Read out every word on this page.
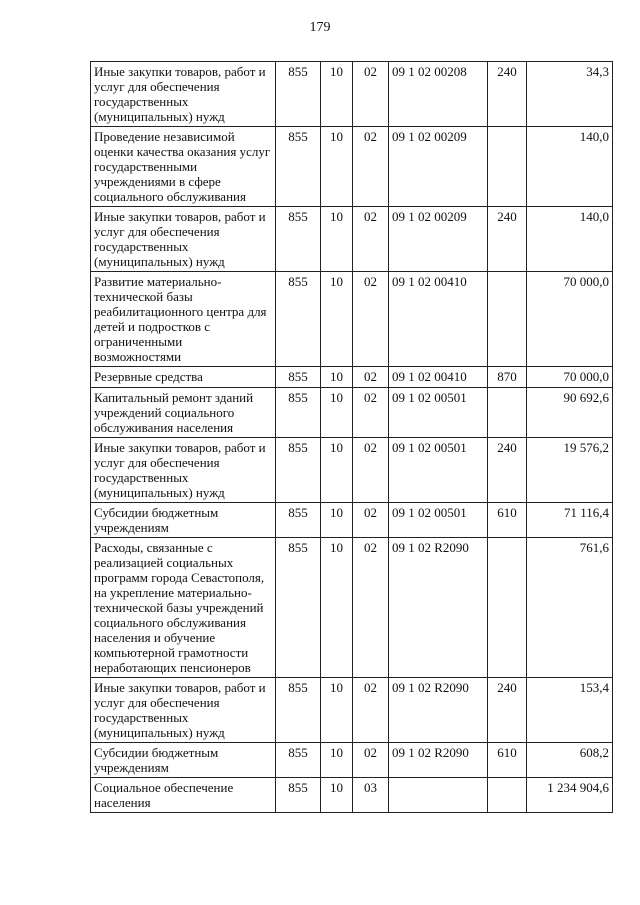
179
Иные закупки товаров, работ и услуг для обеспечения государственных (муниципальных) нужд	855	10	02	09 1 02 00208	240	34,3
Проведение независимой оценки качества оказания услуг государственными учреждениями в сфере социального обслуживания	855	10	02	09 1 02 00209		140,0
Иные закупки товаров, работ и услуг для обеспечения государственных (муниципальных) нужд	855	10	02	09 1 02 00209	240	140,0
Развитие материально-технической базы реабилитационного центра для детей и подростков с ограниченными возможностями	855	10	02	09 1 02 00410		70 000,0
Резервные средства	855	10	02	09 1 02 00410	870	70 000,0
Капитальный ремонт зданий учреждений социального обслуживания населения	855	10	02	09 1 02 00501		90 692,6
Иные закупки товаров, работ и услуг для обеспечения государственных (муниципальных) нужд	855	10	02	09 1 02 00501	240	19 576,2
Субсидии бюджетным учреждениям	855	10	02	09 1 02 00501	610	71 116,4
Расходы, связанные с реализацией социальных программ города Севастополя, на укрепление материально-технической базы учреждений социального обслуживания населения и обучение компьютерной грамотности неработающих пенсионеров	855	10	02	09 1 02 R2090		761,6
Иные закупки товаров, работ и услуг для обеспечения государственных (муниципальных) нужд	855	10	02	09 1 02 R2090	240	153,4
Субсидии бюджетным учреждениям	855	10	02	09 1 02 R2090	610	608,2
Социальное обеспечение населения	855	10	03			1 234 904,6
